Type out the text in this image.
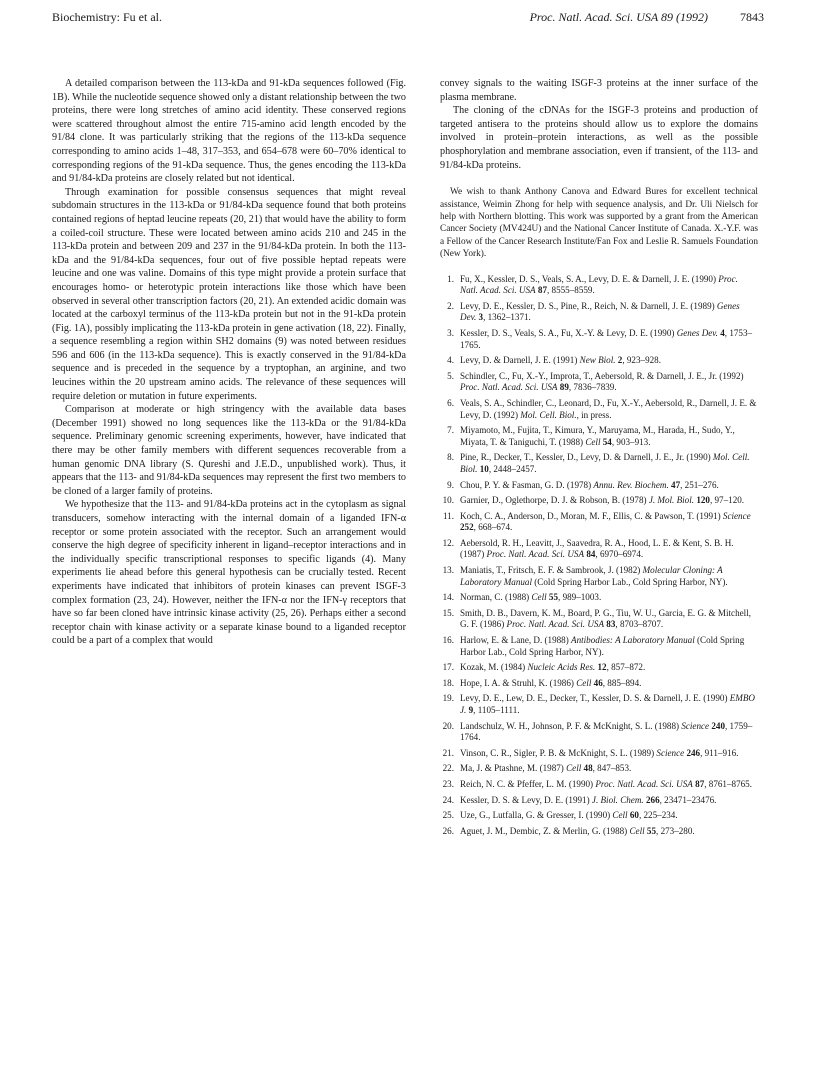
Biochemistry: Fu et al.	Proc. Natl. Acad. Sci. USA 89 (1992)	7843

A detailed comparison between the 113-kDa and 91-kDa sequences followed (Fig. 1B). While the nucleotide sequence showed only a distant relationship between the two proteins, there were long stretches of amino acid identity. These conserved regions were scattered throughout almost the entire 715-amino acid length encoded by the 91/84 clone. It was particularly striking that the regions of the 113-kDa sequence corresponding to amino acids 1–48, 317–353, and 654–678 were 60–70% identical to corresponding regions of the 91-kDa sequence. Thus, the genes encoding the 113-kDa and 91/84-kDa proteins are closely related but not identical.

Through examination for possible consensus sequences that might reveal subdomain structures in the 113-kDa or 91/84-kDa sequence found that both proteins contained regions of heptad leucine repeats (20, 21) that would have the ability to form a coiled-coil structure. These were located between amino acids 210 and 245 in the 113-kDa protein and between 209 and 237 in the 91/84-kDa protein. In both the 113-kDa and the 91/84-kDa sequences, four out of five possible heptad repeats were leucine and one was valine. Domains of this type might provide a protein surface that encourages homo- or heterotypic protein interactions like those which have been observed in several other transcription factors (20, 21). An extended acidic domain was located at the carboxyl terminus of the 113-kDa protein but not in the 91-kDa protein (Fig. 1A), possibly implicating the 113-kDa protein in gene activation (18, 22). Finally, a sequence resembling a region within SH2 domains (9) was noted between residues 596 and 606 (in the 113-kDa sequence). This is exactly conserved in the 91/84-kDa sequence and is preceded in the sequence by a tryptophan, an arginine, and two leucines within the 20 upstream amino acids. The relevance of these sequences will require deletion or mutation in future experiments.

Comparison at moderate or high stringency with the available data bases (December 1991) showed no long sequences like the 113-kDa or the 91/84-kDa sequence. Preliminary genomic screening experiments, however, have indicated that there may be other family members with different sequences recoverable from a human genomic DNA library (S. Qureshi and J.E.D., unpublished work). Thus, it appears that the 113- and 91/84-kDa sequences may represent the first two members to be cloned of a larger family of proteins.

We hypothesize that the 113- and 91/84-kDa proteins act in the cytoplasm as signal transducers, somehow interacting with the internal domain of a liganded IFN-α receptor or some protein associated with the receptor. Such an arrangement would conserve the high degree of specificity inherent in ligand–receptor interactions and in the individually specific transcriptional responses to specific ligands (4). Many experiments lie ahead before this general hypothesis can be crucially tested. Recent experiments have indicated that inhibitors of protein kinases can prevent ISGF-3 complex formation (23, 24). However, neither the IFN-α nor the IFN-γ receptors that have so far been cloned have intrinsic kinase activity (25, 26). Perhaps either a second receptor chain with kinase activity or a separate kinase bound to a liganded receptor could be a part of a complex that would

convey signals to the waiting ISGF-3 proteins at the inner surface of the plasma membrane.

The cloning of the cDNAs for the ISGF-3 proteins and production of targeted antisera to the proteins should allow us to explore the domains involved in protein–protein interactions, as well as the possible phosphorylation and membrane association, even if transient, of the 113- and 91/84-kDa proteins.

We wish to thank Anthony Canova and Edward Bures for excellent technical assistance, Weimin Zhong for help with sequence analysis, and Dr. Uli Nielsch for help with Northern blotting. This work was supported by a grant from the American Cancer Society (MV424U) and the National Cancer Institute of Canada. X.-Y.F. was a Fellow of the Cancer Research Institute/Fan Fox and Leslie R. Samuels Foundation (New York).

1. Fu, X., Kessler, D. S., Veals, S. A., Levy, D. E. & Darnell, J. E. (1990) Proc. Natl. Acad. Sci. USA 87, 8555–8559.
2. Levy, D. E., Kessler, D. S., Pine, R., Reich, N. & Darnell, J. E. (1989) Genes Dev. 3, 1362–1371.
3. Kessler, D. S., Veals, S. A., Fu, X.-Y. & Levy, D. E. (1990) Genes Dev. 4, 1753–1765.
4. Levy, D. & Darnell, J. E. (1991) New Biol. 2, 923–928.
5. Schindler, C., Fu, X.-Y., Improta, T., Aebersold, R. & Darnell, J. E., Jr. (1992) Proc. Natl. Acad. Sci. USA 89, 7836–7839.
6. Veals, S. A., Schindler, C., Leonard, D., Fu, X.-Y., Aebersold, R., Darnell, J. E. & Levy, D. (1992) Mol. Cell. Biol., in press.
7. Miyamoto, M., Fujita, T., Kimura, Y., Maruyama, M., Harada, H., Sudo, Y., Miyata, T. & Taniguchi, T. (1988) Cell 54, 903–913.
8. Pine, R., Decker, T., Kessler, D., Levy, D. & Darnell, J. E., Jr. (1990) Mol. Cell. Biol. 10, 2448–2457.
9. Chou, P. Y. & Fasman, G. D. (1978) Annu. Rev. Biochem. 47, 251–276.
10. Garnier, D., Oglethorpe, D. J. & Robson, B. (1978) J. Mol. Biol. 120, 97–120.
11. Koch, C. A., Anderson, D., Moran, M. F., Ellis, C. & Pawson, T. (1991) Science 252, 668–674.
12. Aebersold, R. H., Leavitt, J., Saavedra, R. A., Hood, L. E. & Kent, S. B. H. (1987) Proc. Natl. Acad. Sci. USA 84, 6970–6974.
13. Maniatis, T., Fritsch, E. F. & Sambrook, J. (1982) Molecular Cloning: A Laboratory Manual (Cold Spring Harbor Lab., Cold Spring Harbor, NY).
14. Norman, C. (1988) Cell 55, 989–1003.
15. Smith, D. B., Davern, K. M., Board, P. G., Tiu, W. U., Garcia, E. G. & Mitchell, G. F. (1986) Proc. Natl. Acad. Sci. USA 83, 8703–8707.
16. Harlow, E. & Lane, D. (1988) Antibodies: A Laboratory Manual (Cold Spring Harbor Lab., Cold Spring Harbor, NY).
17. Kozak, M. (1984) Nucleic Acids Res. 12, 857–872.
18. Hope, I. A. & Struhl, K. (1986) Cell 46, 885–894.
19. Levy, D. E., Lew, D. E., Decker, T., Kessler, D. S. & Darnell, J. E. (1990) EMBO J. 9, 1105–1111.
20. Landschulz, W. H., Johnson, P. F. & McKnight, S. L. (1988) Science 240, 1759–1764.
21. Vinson, C. R., Sigler, P. B. & McKnight, S. L. (1989) Science 246, 911–916.
22. Ma, J. & Ptashne, M. (1987) Cell 48, 847–853.
23. Reich, N. C. & Pfeffer, L. M. (1990) Proc. Natl. Acad. Sci. USA 87, 8761–8765.
24. Kessler, D. S. & Levy, D. E. (1991) J. Biol. Chem. 266, 23471–23476.
25. Uze, G., Lutfalla, G. & Gresser, I. (1990) Cell 60, 225–234.
26. Aguet, J. M., Dembic, Z. & Merlin, G. (1988) Cell 55, 273–280.
